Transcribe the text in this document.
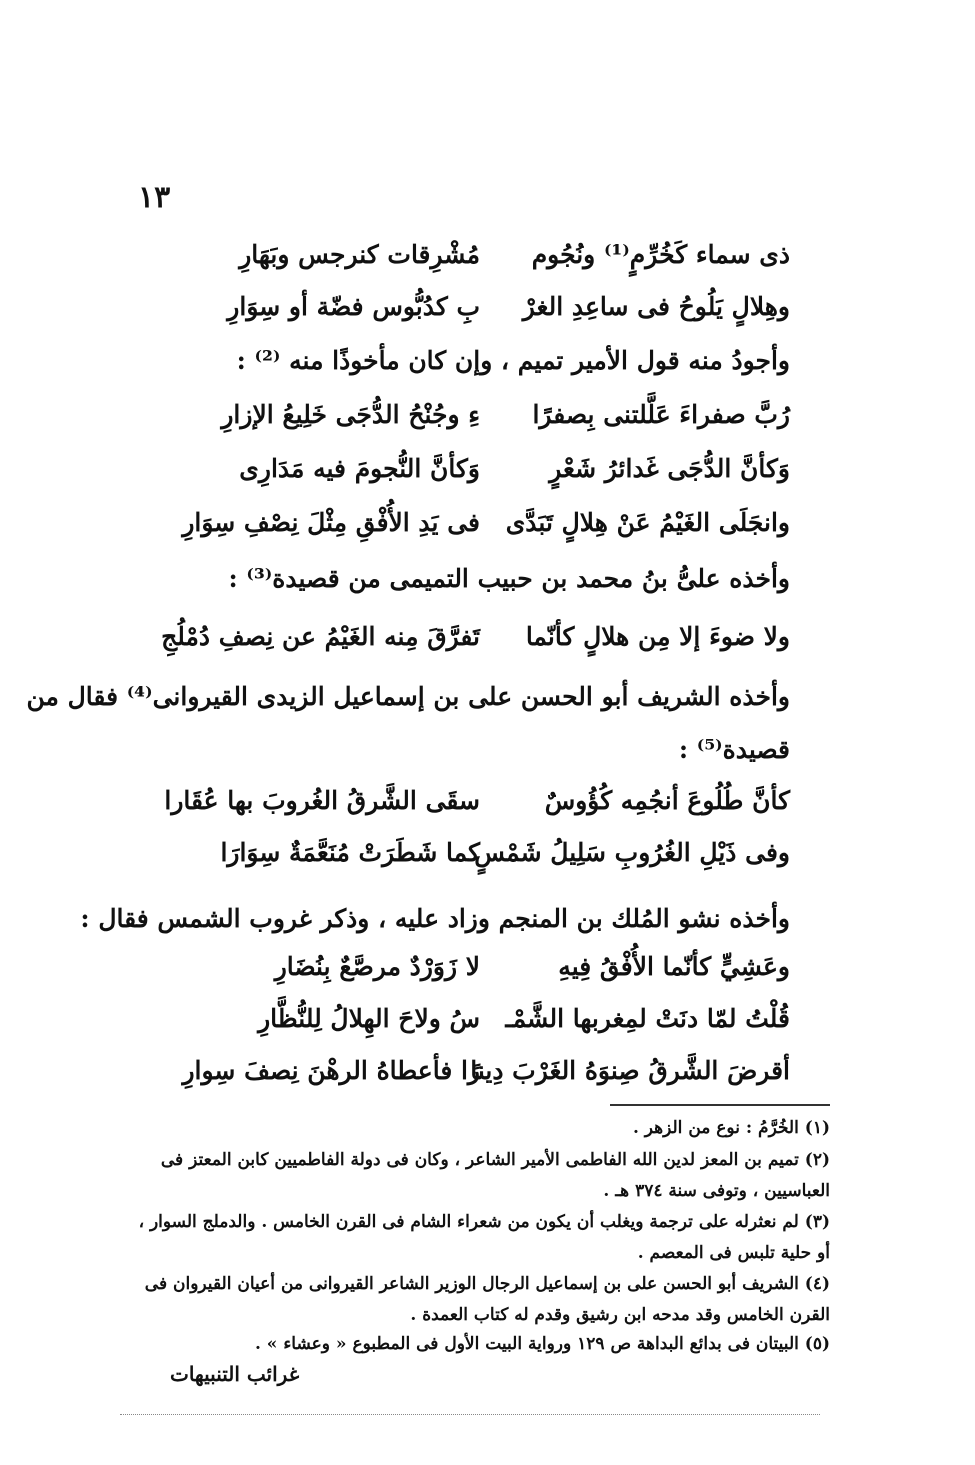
١٣
ذى سماء كَخُرِّمٍ⁽¹⁾ ونُجُوم
مُشْرِقات كنرجس وبَهَارِ
وهِلالٍ يَلُوحُ فى ساعِدِ الغرْ
بِ كدُبُّوس فضّة أو سِوَارِ
وأجودُ منه قول الأمير تميم ، وإن كان مأخوذًا منه ⁽²⁾ :
رُبَّ صفراءَ عَلَّلتنى بِصفرًا
ءِ وجُنْحُ الدُّجَى خَلِيعُ الإزارِ
وَكأنَّ الدُّجَى غَدائرُ شَعْرٍ
وَكأنَّ النُّجومَ فيه مَدَارِى
وانجَلَى الغَيْمُ عَنْ هِلالٍ تَبَدَّى
فى يَدِ الأُفْقِ مِثْلَ نِصْفِ سِوَارِ
وأخذه علىُّ بنُ محمد بن حبيب التميمى من قصيدة⁽³⁾ :
ولا ضوءَ إلا مِن هلالٍ كأنّما
تَفرَّقَ مِنه الغَيْمُ عن نِصفِ دُمْلُجِ
وأخذه الشريف أبو الحسن على بن إسماعيل الزيدى القيروانى⁽⁴⁾ فقال من
قصيدة⁽⁵⁾ :
كأنَّ طُلُوعَ أنجُمِه كُؤُوسٌ
سقَى الشَّرقُ الغُروبَ بها عُقَارا
وفى ذَيْلِ الغُرُوبِ سَلِيلُ شَمْسٍ
كما شَطَرَتْ مُنَعَّمَةٌ سِوَارَا
وأخذه نشو المُلك بن المنجم وزاد عليه ، وذكر غروب الشمس فقال :
وعَشِيٍّ كأنّما الأُفْقُ فِيهِ
لا زَوَرْدٌ مرصَّعٌ بِنُضَارِ
قُلْتُ لمّا دنَتْ لمِغربها الشَّمْـ
سُ ولاحَ الهِلالُ لِلنُّظَّارِ
أقرضَ الشَّرقُ صِنوَهُ الغَرْبَ دِينا
رًا فأعطاهُ الرهْنَ نِصفَ سِوارِ
(١) الخُرَّمُ : نوع من الزهر .
(٢) تميم بن المعز لدين الله الفاطمى الأمير الشاعر ، وكان فى دولة الفاطميين كابن المعتز فى
العباسيين ، وتوفى سنة ٣٧٤ هـ .
(٣) لم نعثرله على ترجمة ويغلب أن يكون من شعراء الشام فى القرن الخامس . والدملج السوار ،
أو حلية تلبس فى المعصم .
(٤) الشريف أبو الحسن على بن إسماعيل الرجال الوزير الشاعر القيروانى من أعيان القيروان فى
القرن الخامس وقد مدحه ابن رشيق وقدم له كتاب العمدة .
(٥) البيتان فى بدائع البداهة ص ١٢٩ ورواية البيت الأول فى المطبوع « وعشاء » .
غرائب التنبيهات
